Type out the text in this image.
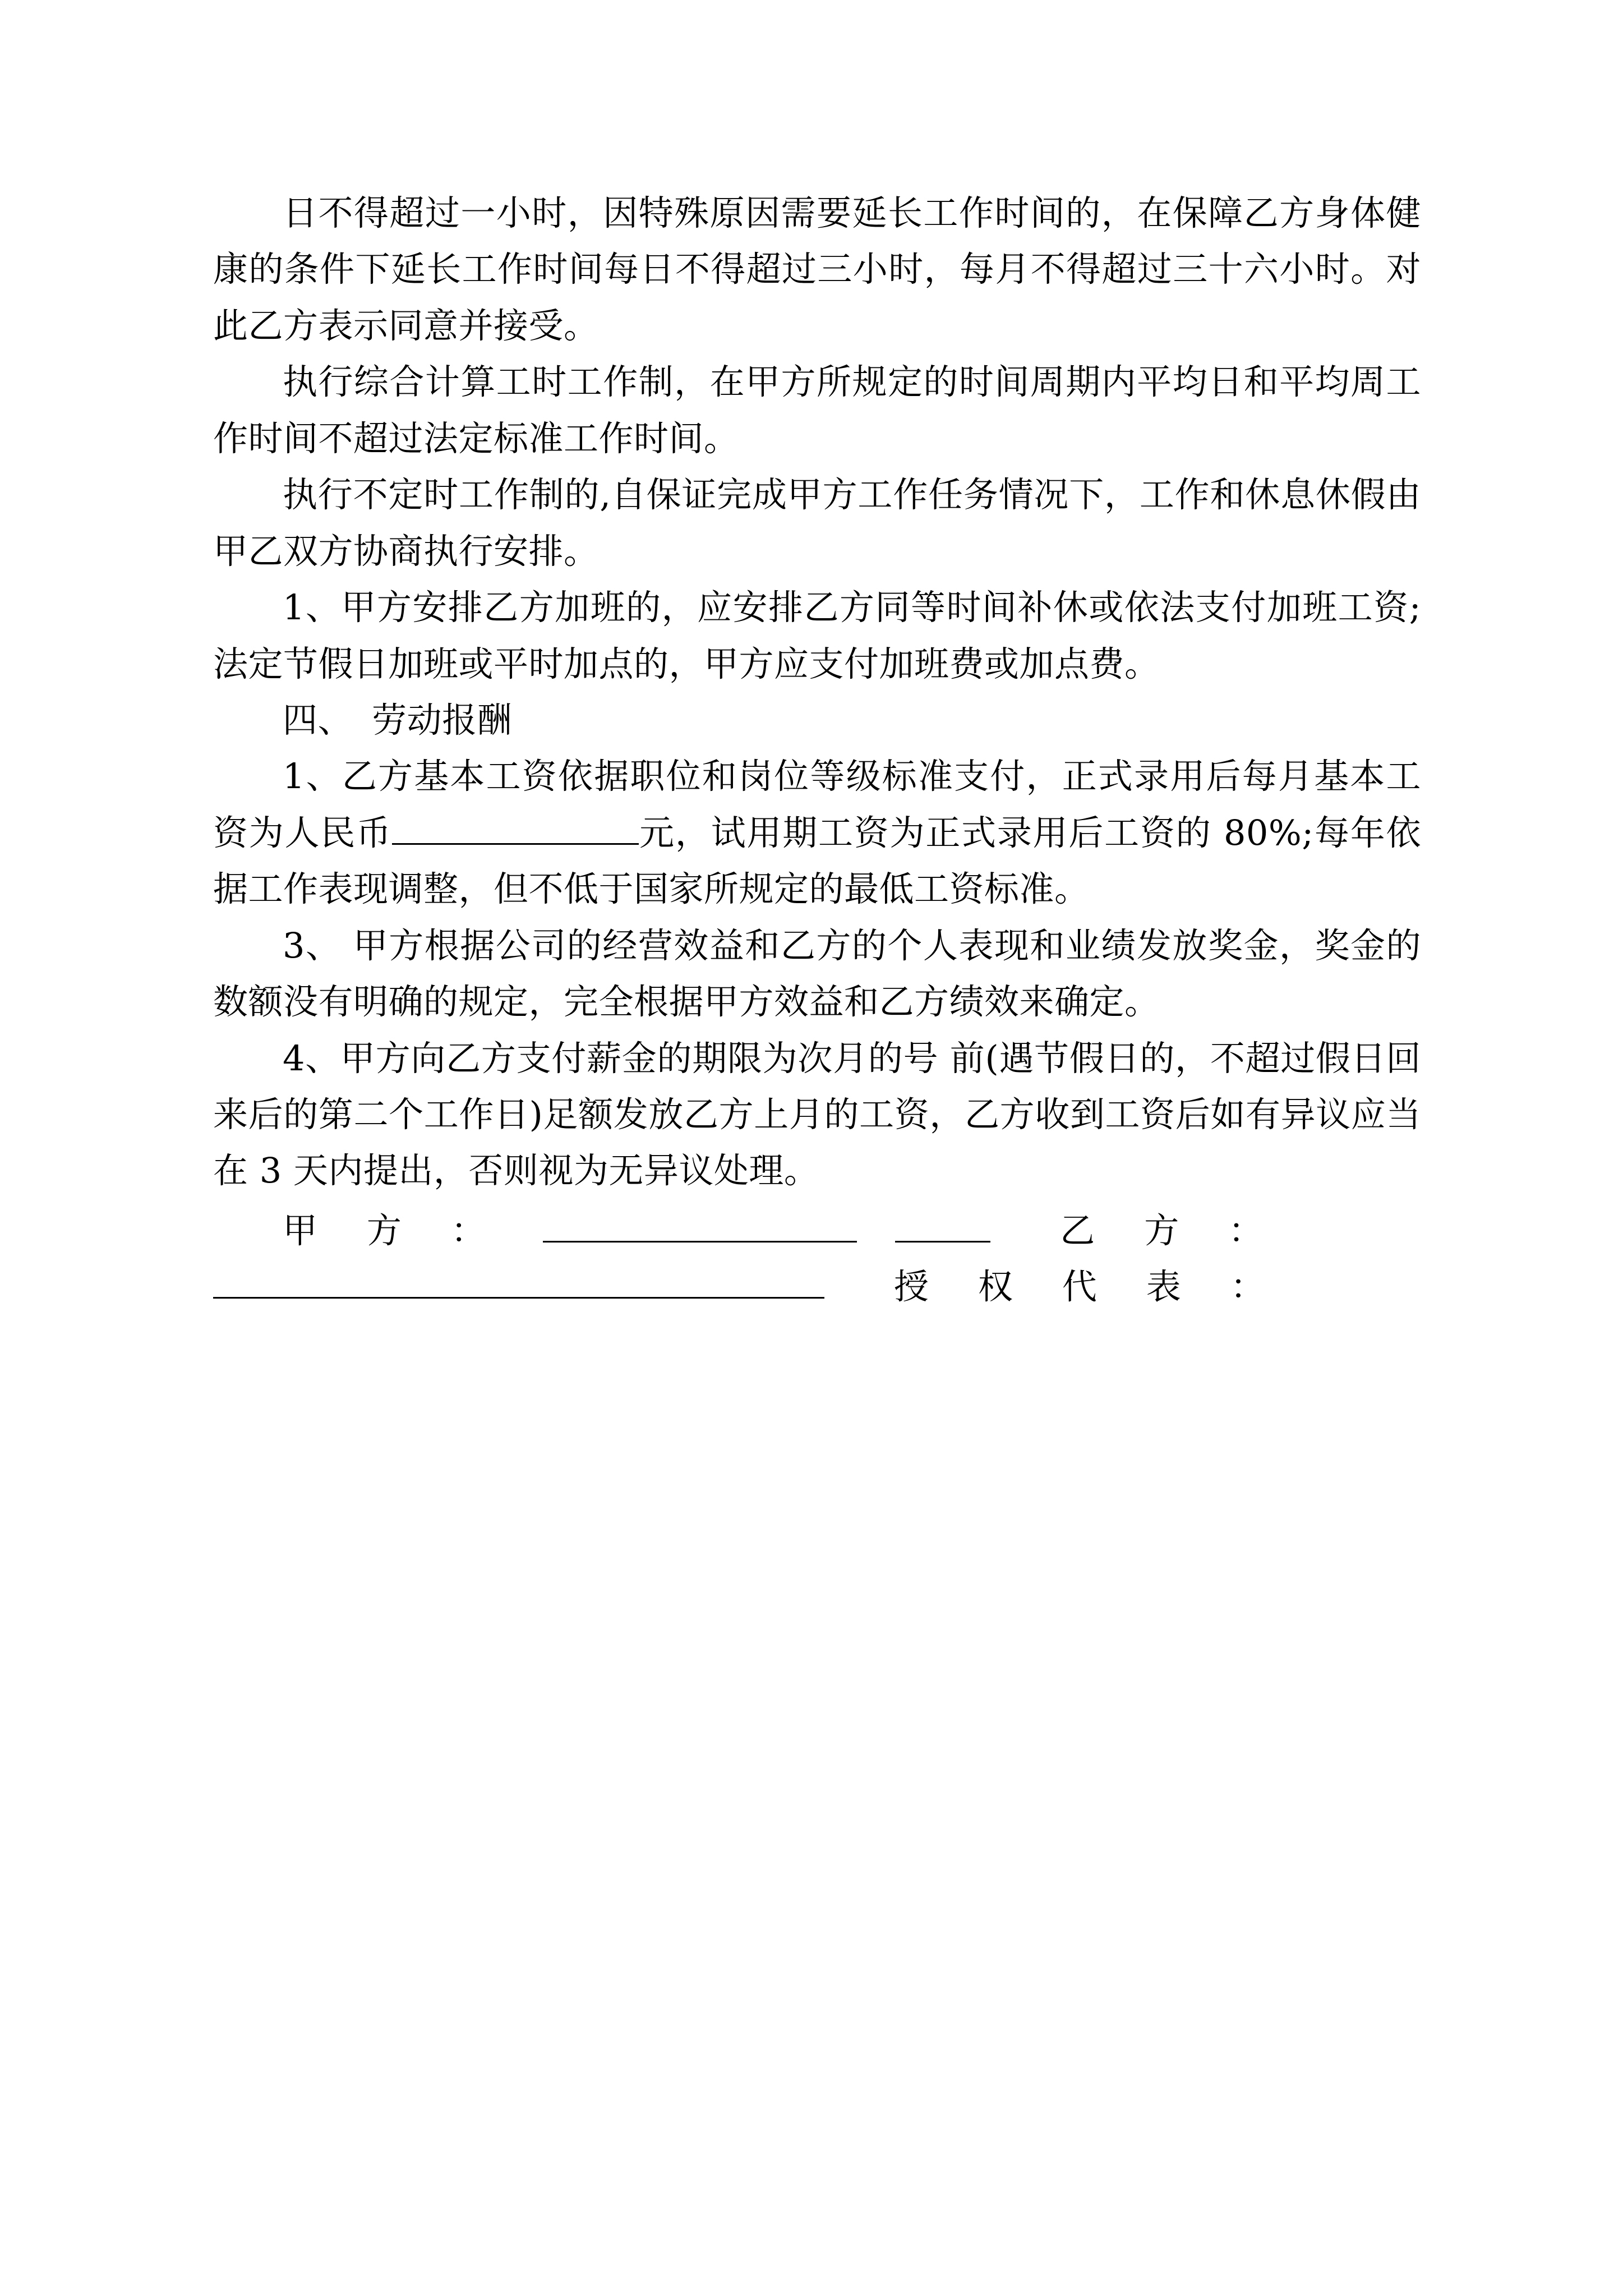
日不得超过一小时，因特殊原因需要延长工作时间的，在保障乙方身体健康的条件下延长工作时间每日不得超过三小时，每月不得超过三十六小时。对此乙方表示同意并接受。

执行综合计算工时工作制，在甲方所规定的时间周期内平均日和平均周工作时间不超过法定标准工作时间。

执行不定时工作制的,自保证完成甲方工作任务情况下，工作和休息休假由甲乙双方协商执行安排。

1、甲方安排乙方加班的，应安排乙方同等时间补休或依法支付加班工资;法定节假日加班或平时加点的，甲方应支付加班费或加点费。

四、 劳动报酬

1、乙方基本工资依据职位和岗位等级标准支付，正式录用后每月基本工资为人民币	元，试用期工资为正式录用后工资的 80%;每年依据工作表现调整，但不低于国家所规定的最低工资标准。

3、 甲方根据公司的经营效益和乙方的个人表现和业绩发放奖金，奖金的数额没有明确的规定，完全根据甲方效益和乙方绩效来确定。

4、甲方向乙方支付薪金的期限为次月的号 前(遇节假日的，不超过假日回来后的第二个工作日)足额发放乙方上月的工资，乙方收到工资后如有异议应当在 3 天内提出，否则视为无异议处理。

甲 方 ：	乙 方 ：
授 权 代 表 ：
